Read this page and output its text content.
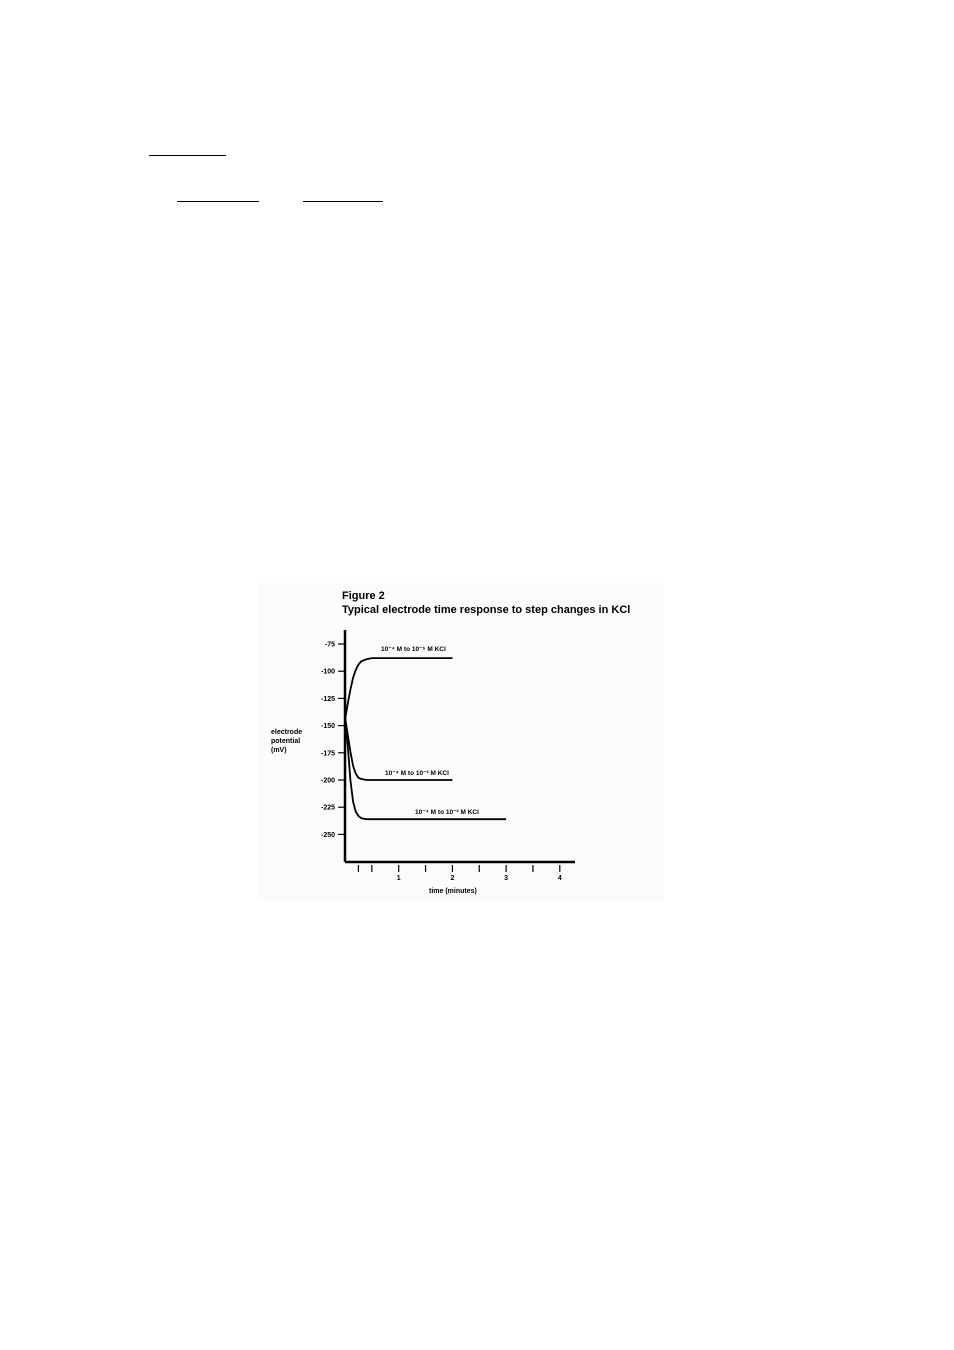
Figure 2
Typical electrode time response to step changes in KCl
electrode
potential
(mV)
time (minutes)
-75
-100
-125
-150
-175
-200
-225
-250
1	2	3	4
10⁻⁴ M to 10⁻⁵ M KCl
10⁻⁴ M to 10⁻³ M KCl
10⁻⁴ M to 10⁻² M KCl
